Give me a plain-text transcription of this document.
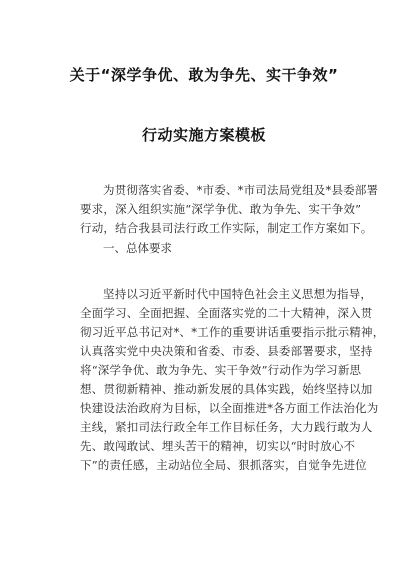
关于“深学争优、敢为争先、实干争效”
行动实施方案模板
为贯彻落实省委、*市委、*市司法局党组及*县委部署
要求，深入组织实施“深学争优、敢为争先、实干争效”
行动，结合我县司法行政工作实际，制定工作方案如下。
一、总体要求
坚持以习近平新时代中国特色社会主义思想为指导，
全面学习、全面把握、全面落实党的二十大精神，深入贯
彻习近平总书记对*、*工作的重要讲话重要指示批示精神，
认真落实党中央决策和省委、市委、县委部署要求，坚持
将“深学争优、敢为争先、实干争效”行动作为学习新思
想、贯彻新精神、推动新发展的具体实践，始终坚持以加
快建设法治政府为目标，以全面推进*各方面工作法治化为
主线，紧扣司法行政全年工作目标任务，大力践行敢为人
先、敢闯敢试、埋头苦干的精神，切实以“时时放心不
下”的责任感，主动站位全局、狠抓落实，自觉争先进位
